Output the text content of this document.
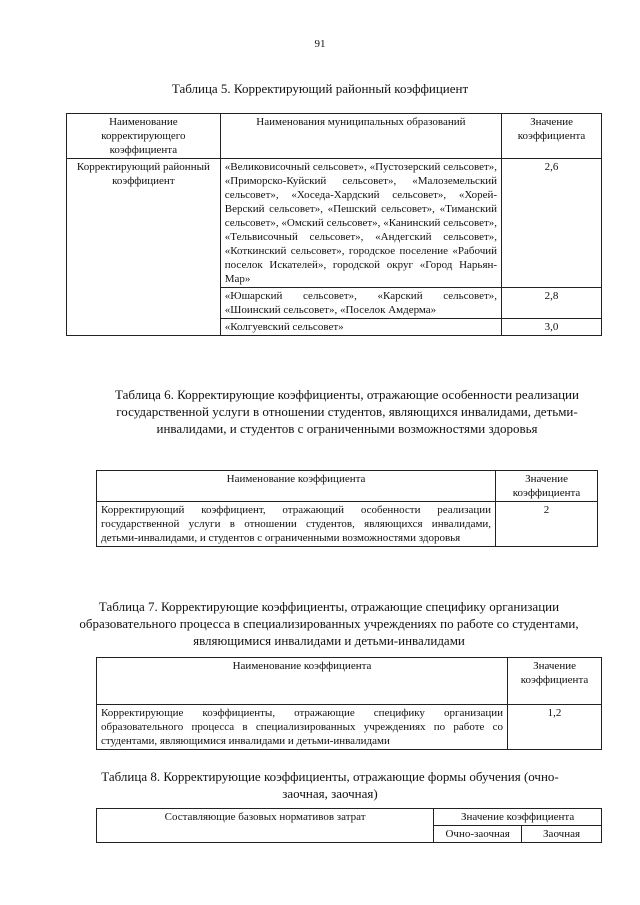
91
Таблица 5. Корректирующий районный коэффициент
Наименование корректирующего коэффициента	Наименования муниципальных образований	Значение коэффициента
Корректирующий районный коэффициент	«Великовисочный сельсовет», «Пустозерский сельсовет», «Приморско-Куйский сельсовет», «Малоземельский сельсовет», «Хоседа-Хардский сельсовет», «Хорей-Верский сельсовет», «Пешский сельсовет», «Тиманский сельсовет», «Омский сельсовет», «Канинский сельсовет», «Тельвисочный сельсовет», «Андегский сельсовет», «Коткинский сельсовет», городское поселение «Рабочий поселок Искателей», городской округ «Город Нарьян-Мар»	2,6
	«Юшарский сельсовет», «Карский сельсовет», «Шоинский сельсовет», «Поселок Амдерма»	2,8
	«Колгуевский сельсовет»	3,0
Таблица 6. Корректирующие коэффициенты, отражающие особенности реализации государственной услуги в отношении студентов, являющихся инвалидами, детьми-инвалидами, и студентов с ограниченными возможностями здоровья
Наименование коэффициента	Значение коэффициента
Корректирующий коэффициент, отражающий особенности реализации государственной услуги в отношении студентов, являющихся инвалидами, детьми-инвалидами, и студентов с ограниченными возможностями здоровья	2
Таблица 7. Корректирующие коэффициенты, отражающие специфику организации образовательного процесса в специализированных учреждениях по работе со студентами, являющимися инвалидами и детьми-инвалидами
Наименование коэффициента	Значение коэффициента
Корректирующие коэффициенты, отражающие специфику организации образовательного процесса в специализированных учреждениях по работе со студентами, являющимися инвалидами и детьми-инвалидами	1,2
Таблица 8. Корректирующие коэффициенты, отражающие формы обучения (очно-заочная, заочная)
Составляющие базовых нормативов затрат	Значение коэффициента	
	Очно-заочная	Заочная
